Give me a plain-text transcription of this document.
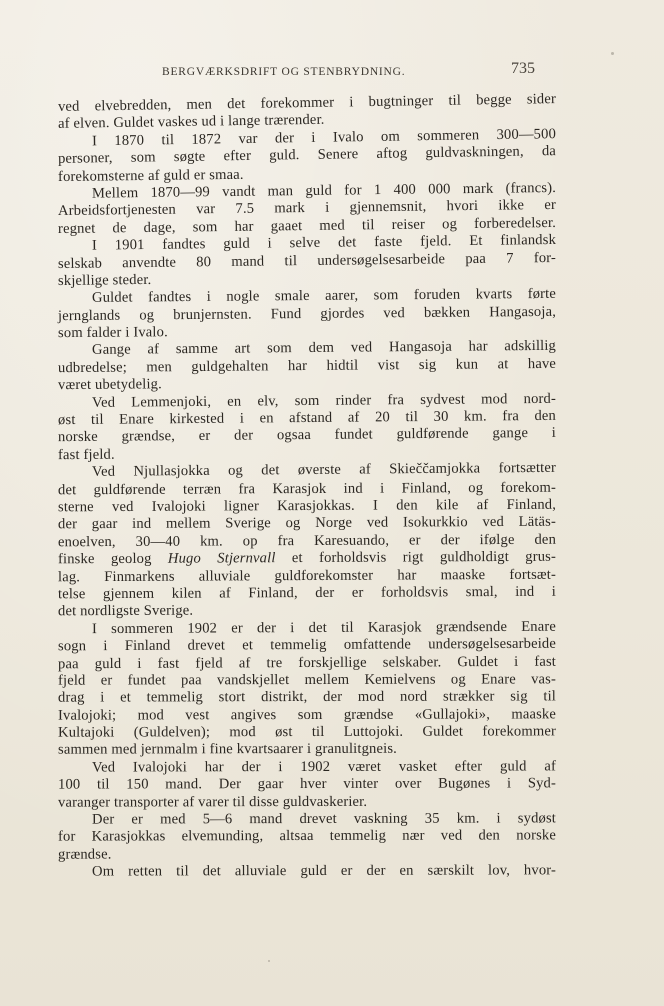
BERGVÆRKSDRIFT OG STENBRYDNING.	735
ved elvebredden, men det forekommer i bugtninger til begge sider
af elven. Guldet vaskes ud i lange trærender.
I 1870 til 1872 var der i Ivalo om sommeren 300—500
personer, som søgte efter guld. Senere aftog guldvaskningen, da
forekomsterne af guld er smaa.
Mellem 1870—99 vandt man guld for 1 400 000 mark (francs).
Arbeidsfortjenesten var 7.5 mark i gjennemsnit, hvori ikke er
regnet de dage, som har gaaet med til reiser og forberedelser.
I 1901 fandtes guld i selve det faste fjeld. Et finlandsk
selskab anvendte 80 mand til undersøgelsesarbeide paa 7 for-
skjellige steder.
Guldet fandtes i nogle smale aarer, som foruden kvarts førte
jernglands og brunjernsten. Fund gjordes ved bækken Hangasoja,
som falder i Ivalo.
Gange af samme art som dem ved Hangasoja har adskillig
udbredelse; men guldgehalten har hidtil vist sig kun at have
været ubetydelig.
Ved Lemmenjoki, en elv, som rinder fra sydvest mod nord-
øst til Enare kirkested i en afstand af 20 til 30 km. fra den
norske grændse, er der ogsaa fundet guldførende gange i
fast fjeld.
Ved Njullasjokka og det øverste af Skieččamjokka fortsætter
det guldførende terræn fra Karasjok ind i Finland, og forekom-
sterne ved Ivalojoki ligner Karasjokkas. I den kile af Finland,
der gaar ind mellem Sverige og Norge ved Isokurkkio ved Lätäs-
enoelven, 30—40 km. op fra Karesuando, er der ifølge den
finske geolog Hugo Stjernvall et forholdsvis rigt guldholdigt grus-
lag. Finmarkens alluviale guldforekomster har maaske fortsæt-
telse gjennem kilen af Finland, der er forholdsvis smal, ind i
det nordligste Sverige.
I sommeren 1902 er der i det til Karasjok grændsende Enare
sogn i Finland drevet et temmelig omfattende undersøgelsesarbeide
paa guld i fast fjeld af tre forskjellige selskaber. Guldet i fast
fjeld er fundet paa vandskjellet mellem Kemielvens og Enare vas-
drag i et temmelig stort distrikt, der mod nord strækker sig til
Ivalojoki; mod vest angives som grændse «Gullajoki», maaske
Kultajoki (Guldelven); mod øst til Luttojoki. Guldet forekommer
sammen med jernmalm i fine kvartsaarer i granulitgneis.
Ved Ivalojoki har der i 1902 været vasket efter guld af
100 til 150 mand. Der gaar hver vinter over Bugønes i Syd-
varanger transporter af varer til disse guldvaskerier.
Der er med 5—6 mand drevet vaskning 35 km. i sydøst
for Karasjokkas elvemunding, altsaa temmelig nær ved den norske
grændse.
Om retten til det alluviale guld er der en særskilt lov, hvor-
